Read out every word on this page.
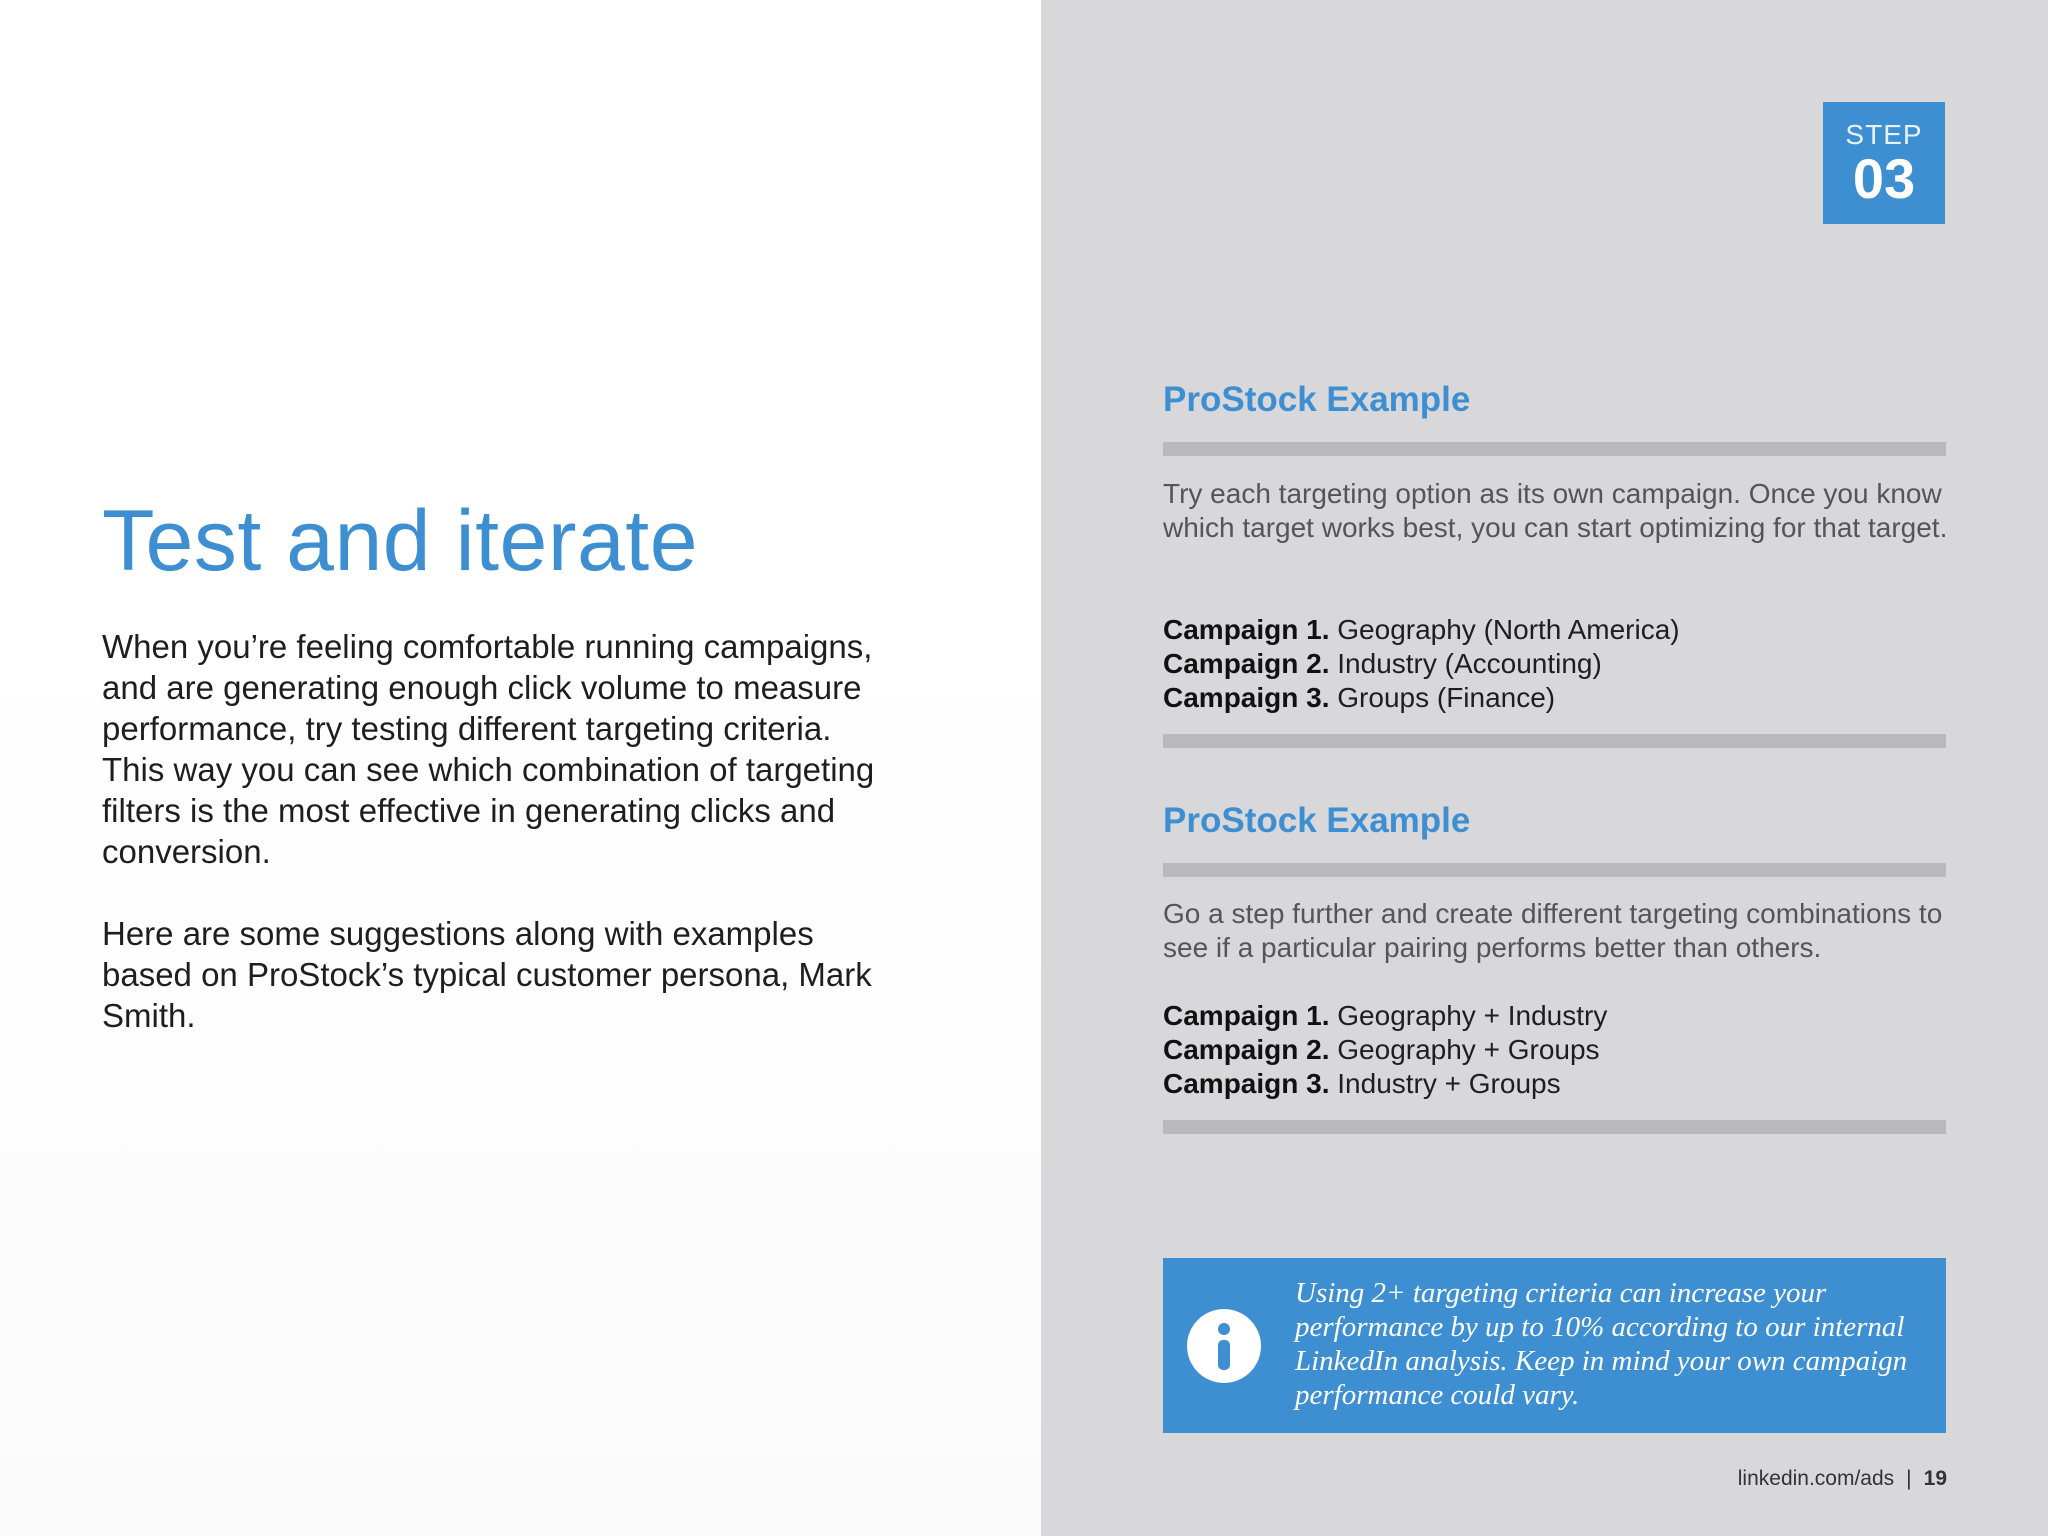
Test and iterate

When you’re feeling comfortable running campaigns, and are generating enough click volume to measure performance, try testing different targeting criteria. This way you can see which combination of targeting filters is the most effective in generating clicks and conversion.

Here are some suggestions along with examples based on ProStock’s typical customer persona, Mark Smith.

STEP
03
ProStock Example

Try each targeting option as its own campaign. Once you know which target works best, you can start optimizing for that target.

Campaign 1. Geography (North America)
Campaign 2. Industry (Accounting)
Campaign 3. Groups (Finance)
ProStock Example

Go a step further and create different targeting combinations to see if a particular pairing performs better than others.

Campaign 1. Geography + Industry
Campaign 2. Geography + Groups
Campaign 3. Industry + Groups

Using 2+ targeting criteria can increase your performance by up to 10% according to our internal LinkedIn analysis. Keep in mind your own campaign performance could vary.

linkedin.com/ads | 19
